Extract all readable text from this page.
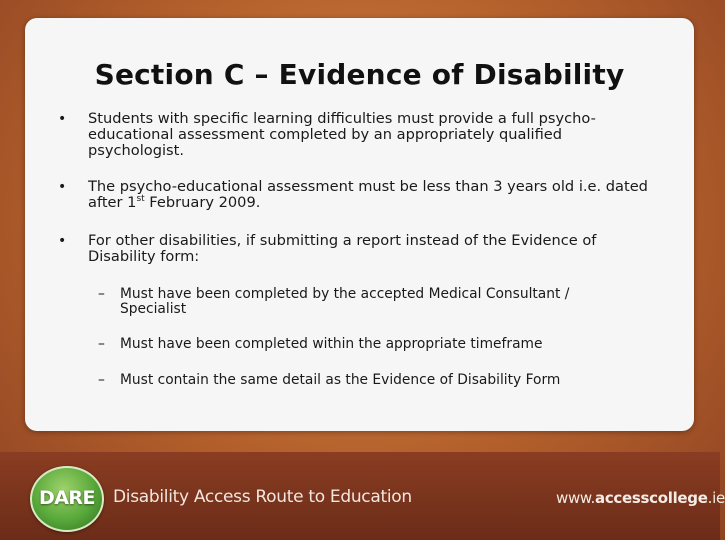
Section C – Evidence of Disability
• Students with specific learning difficulties must provide a full psycho-educational assessment completed by an appropriately qualified psychologist.
• The psycho-educational assessment must be less than 3 years old i.e. dated after 1st February 2009.
• For other disabilities, if submitting a report instead of the Evidence of Disability form:
– Must have been completed by the accepted Medical Consultant / Specialist
– Must have been completed within the appropriate timeframe
– Must contain the same detail as the Evidence of Disability Form
DARE	Disability Access Route to Education	www.accesscollege.ie
